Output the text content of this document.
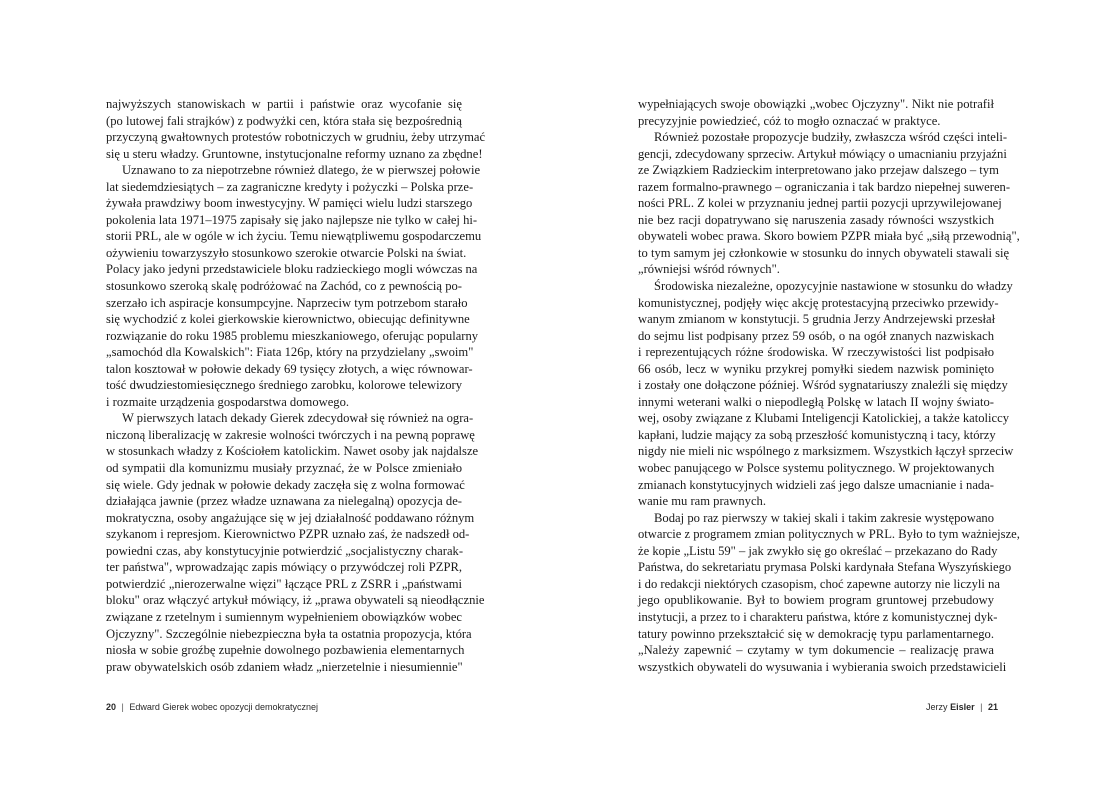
najwyższych stanowiskach w partii i państwie oraz wycofanie się
(po lutowej fali strajków) z podwyżki cen, która stała się bezpośrednią
przyczyną gwałtownych protestów robotniczych w grudniu, żeby utrzymać
się u steru władzy. Gruntowne, instytucjonalne reformy uznano za zbędne!
Uznawano to za niepotrzebne również dlatego, że w pierwszej połowie
lat siedemdziesiątych – za zagraniczne kredyty i pożyczki – Polska prze-
żywała prawdziwy boom inwestycyjny. W pamięci wielu ludzi starszego
pokolenia lata 1971–1975 zapisały się jako najlepsze nie tylko w całej hi-
storii PRL, ale w ogóle w ich życiu. Temu niewątpliwemu gospodarczemu
ożywieniu towarzyszyło stosunkowo szerokie otwarcie Polski na świat.
Polacy jako jedyni przedstawiciele bloku radzieckiego mogli wówczas na
stosunkowo szeroką skalę podróżować na Zachód, co z pewnością po-
szerzało ich aspiracje konsumpcyjne. Naprzeciw tym potrzebom starało
się wychodzić z kolei gierkowskie kierownictwo, obiecując definitywne
rozwiązanie do roku 1985 problemu mieszkaniowego, oferując popularny
„samochód dla Kowalskich": Fiata 126p, który na przydzielany „swoim"
talon kosztował w połowie dekady 69 tysięcy złotych, a więc równowar-
tość dwudziestomiesięcznego średniego zarobku, kolorowe telewizory
i rozmaite urządzenia gospodarstwa domowego.
W pierwszych latach dekady Gierek zdecydował się również na ogra-
niczoną liberalizację w zakresie wolności twórczych i na pewną poprawę
w stosunkach władzy z Kościołem katolickim. Nawet osoby jak najdalsze
od sympatii dla komunizmu musiały przyznać, że w Polsce zmieniało
się wiele. Gdy jednak w połowie dekady zaczęła się z wolna formować
działająca jawnie (przez władze uznawana za nielegalną) opozycja de-
mokratyczna, osoby angażujące się w jej działalność poddawano różnym
szykanom i represjom. Kierownictwo PZPR uznało zaś, że nadszedł od-
powiedni czas, aby konstytucyjnie potwierdzić „socjalistyczny charak-
ter państwa", wprowadzając zapis mówiący o przywódczej roli PZPR,
potwierdzić „nierozerwalne więzi" łączące PRL z ZSRR i „państwami
bloku" oraz włączyć artykuł mówiący, iż „prawa obywateli są nieodłącznie
związane z rzetelnym i sumiennym wypełnieniem obowiązków wobec
Ojczyzny". Szczególnie niebezpieczna była ta ostatnia propozycja, która
niosła w sobie groźbę zupełnie dowolnego pozbawienia elementarnych
praw obywatelskich osób zdaniem władz „nierzetelnie i niesumiennie"
wypełniających swoje obowiązki „wobec Ojczyzny". Nikt nie potrafił
precyzyjnie powiedzieć, cóż to mogło oznaczać w praktyce.
Również pozostałe propozycje budziły, zwłaszcza wśród części inteli-
gencji, zdecydowany sprzeciw. Artykuł mówiący o umacnianiu przyjaźni
ze Związkiem Radzieckim interpretowano jako przejaw dalszego – tym
razem formalno-prawnego – ograniczania i tak bardzo niepełnej suweren-
ności PRL. Z kolei w przyznaniu jednej partii pozycji uprzywilejowanej
nie bez racji dopatrywano się naruszenia zasady równości wszystkich
obywateli wobec prawa. Skoro bowiem PZPR miała być „siłą przewodnią",
to tym samym jej członkowie w stosunku do innych obywateli stawali się
„równiejsi wśród równych".
Środowiska niezależne, opozycyjnie nastawione w stosunku do władzy
komunistycznej, podjęły więc akcję protestacyjną przeciwko przewidy-
wanym zmianom w konstytucji. 5 grudnia Jerzy Andrzejewski przesłał
do sejmu list podpisany przez 59 osób, o na ogół znanych nazwiskach
i reprezentujących różne środowiska. W rzeczywistości list podpisało
66 osób, lecz w wyniku przykrej pomyłki siedem nazwisk pominięto
i zostały one dołączone później. Wśród sygnatariuszy znaleźli się między
innymi weterani walki o niepodległą Polskę w latach II wojny świato-
wej, osoby związane z Klubami Inteligencji Katolickiej, a także katoliccy
kapłani, ludzie mający za sobą przeszłość komunistyczną i tacy, którzy
nigdy nie mieli nic wspólnego z marksizmem. Wszystkich łączył sprzeciw
wobec panującego w Polsce systemu politycznego. W projektowanych
zmianach konstytucyjnych widzieli zaś jego dalsze umacnianie i nada-
wanie mu ram prawnych.
Bodaj po raz pierwszy w takiej skali i takim zakresie występowano
otwarcie z programem zmian politycznych w PRL. Było to tym ważniejsze,
że kopie „Listu 59" – jak zwykło się go określać – przekazano do Rady
Państwa, do sekretariatu prymasa Polski kardynała Stefana Wyszyńskiego
i do redakcji niektórych czasopism, choć zapewne autorzy nie liczyli na
jego opublikowanie. Był to bowiem program gruntowej przebudowy
instytucji, a przez to i charakteru państwa, które z komunistycznej dyk-
tatury powinno przekształcić się w demokrację typu parlamentarnego.
„Należy zapewnić – czytamy w tym dokumencie – realizację prawa
wszystkich obywateli do wysuwania i wybierania swoich przedstawicieli
20 | Edward Gierek wobec opozycji demokratycznej	Jerzy Eisler | 21
